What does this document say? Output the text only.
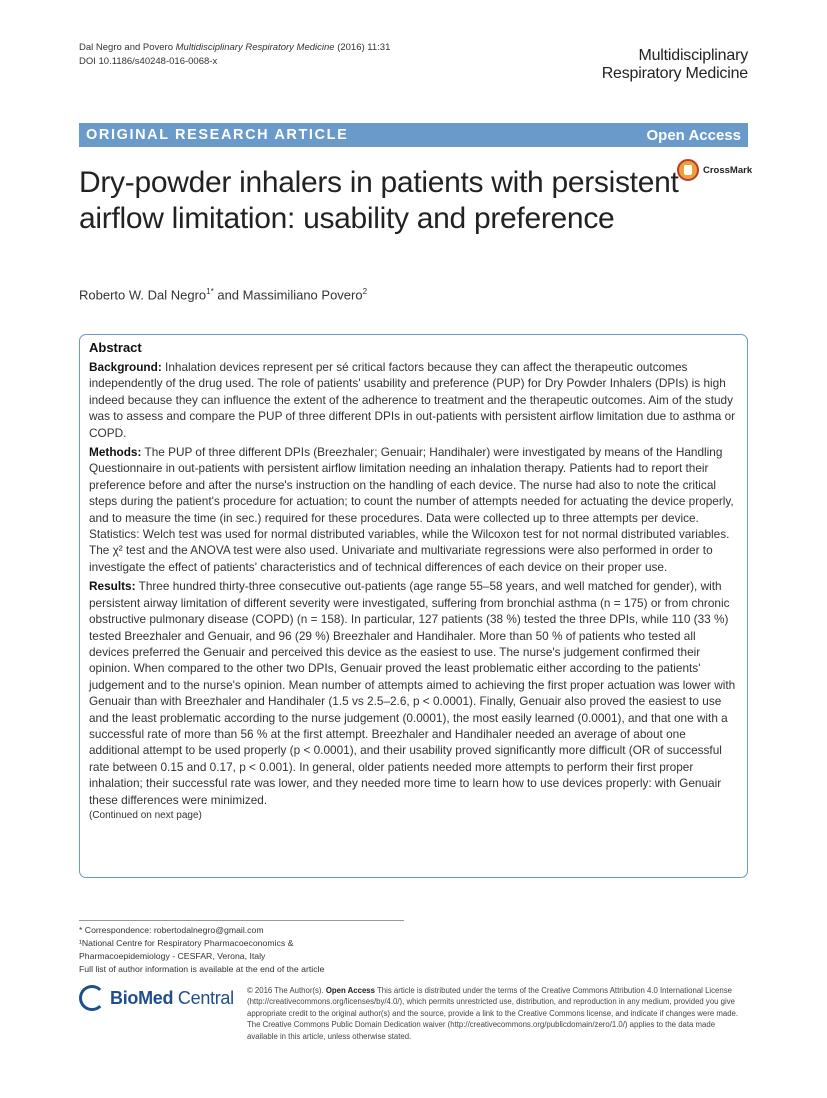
Dal Negro and Povero Multidisciplinary Respiratory Medicine (2016) 11:31
DOI 10.1186/s40248-016-0068-x	Multidisciplinary
Respiratory Medicine
ORIGINAL RESEARCH ARTICLE	Open Access
CrossMark
Dry-powder inhalers in patients with persistent airflow limitation: usability and preference
Roberto W. Dal Negro$^{1*}$ and Massimiliano Povero$^2$
Abstract

Background: Inhalation devices represent per sé critical factors because they can affect the therapeutic outcomes independently of the drug used. The role of patients' usability and preference (PUP) for Dry Powder Inhalers (DPIs) is high indeed because they can influence the extent of the adherence to treatment and the therapeutic outcomes. Aim of the study was to assess and compare the PUP of three different DPIs in out-patients with persistent airflow limitation due to asthma or COPD.

Methods: The PUP of three different DPIs (Breezhaler; Genuair; Handihaler) were investigated by means of the Handling Questionnaire in out-patients with persistent airflow limitation needing an inhalation therapy. Patients had to report their preference before and after the nurse's instruction on the handling of each device. The nurse had also to note the critical steps during the patient's procedure for actuation; to count the number of attempts needed for actuating the device properly, and to measure the time (in sec.) required for these procedures. Data were collected up to three attempts per device.
Statistics: Welch test was used for normal distributed variables, while the Wilcoxon test for not normal distributed variables. The χ² test and the ANOVA test were also used. Univariate and multivariate regressions were also performed in order to investigate the effect of patients' characteristics and of technical differences of each device on their proper use.

Results: Three hundred thirty-three consecutive out-patients (age range 55–58 years, and well matched for gender), with persistent airway limitation of different severity were investigated, suffering from bronchial asthma (n = 175) or from chronic obstructive pulmonary disease (COPD) (n = 158). In particular, 127 patients (38 %) tested the three DPIs, while 110 (33 %) tested Breezhaler and Genuair, and 96 (29 %) Breezhaler and Handihaler. More than 50 % of patients who tested all devices preferred the Genuair and perceived this device as the easiest to use. The nurse's judgement confirmed their opinion. When compared to the other two DPIs, Genuair proved the least problematic either according to the patients' judgement and to the nurse's opinion. Mean number of attempts aimed to achieving the first proper actuation was lower with Genuair than with Breezhaler and Handihaler (1.5 vs 2.5–2.6, p < 0.0001). Finally, Genuair also proved the easiest to use and the least problematic according to the nurse judgement (0.0001), the most easily learned (0.0001), and that one with a successful rate of more than 56 % at the first attempt. Breezhaler and Handihaler needed an average of about one additional attempt to be used properly (p < 0.0001), and their usability proved significantly more difficult (OR of successful rate between 0.15 and 0.17, p < 0.001). In general, older patients needed more attempts to perform their first proper inhalation; their successful rate was lower, and they needed more time to learn how to use devices properly: with Genuair these differences were minimized.

(Continued on next page)
* Correspondence: robertodalnegro@gmail.com
¹National Centre for Respiratory Pharmacoeconomics &
Pharmacoepidemiology - CESFAR, Verona, Italy
Full list of author information is available at the end of the article
BioMed Central © 2016 The Author(s). Open Access This article is distributed under the terms of the Creative Commons Attribution 4.0 International License (http://creativecommons.org/licenses/by/4.0/), which permits unrestricted use, distribution, and reproduction in any medium, provided you give appropriate credit to the original author(s) and the source, provide a link to the Creative Commons license, and indicate if changes were made. The Creative Commons Public Domain Dedication waiver (http://creativecommons.org/publicdomain/zero/1.0/) applies to the data made available in this article, unless otherwise stated.
